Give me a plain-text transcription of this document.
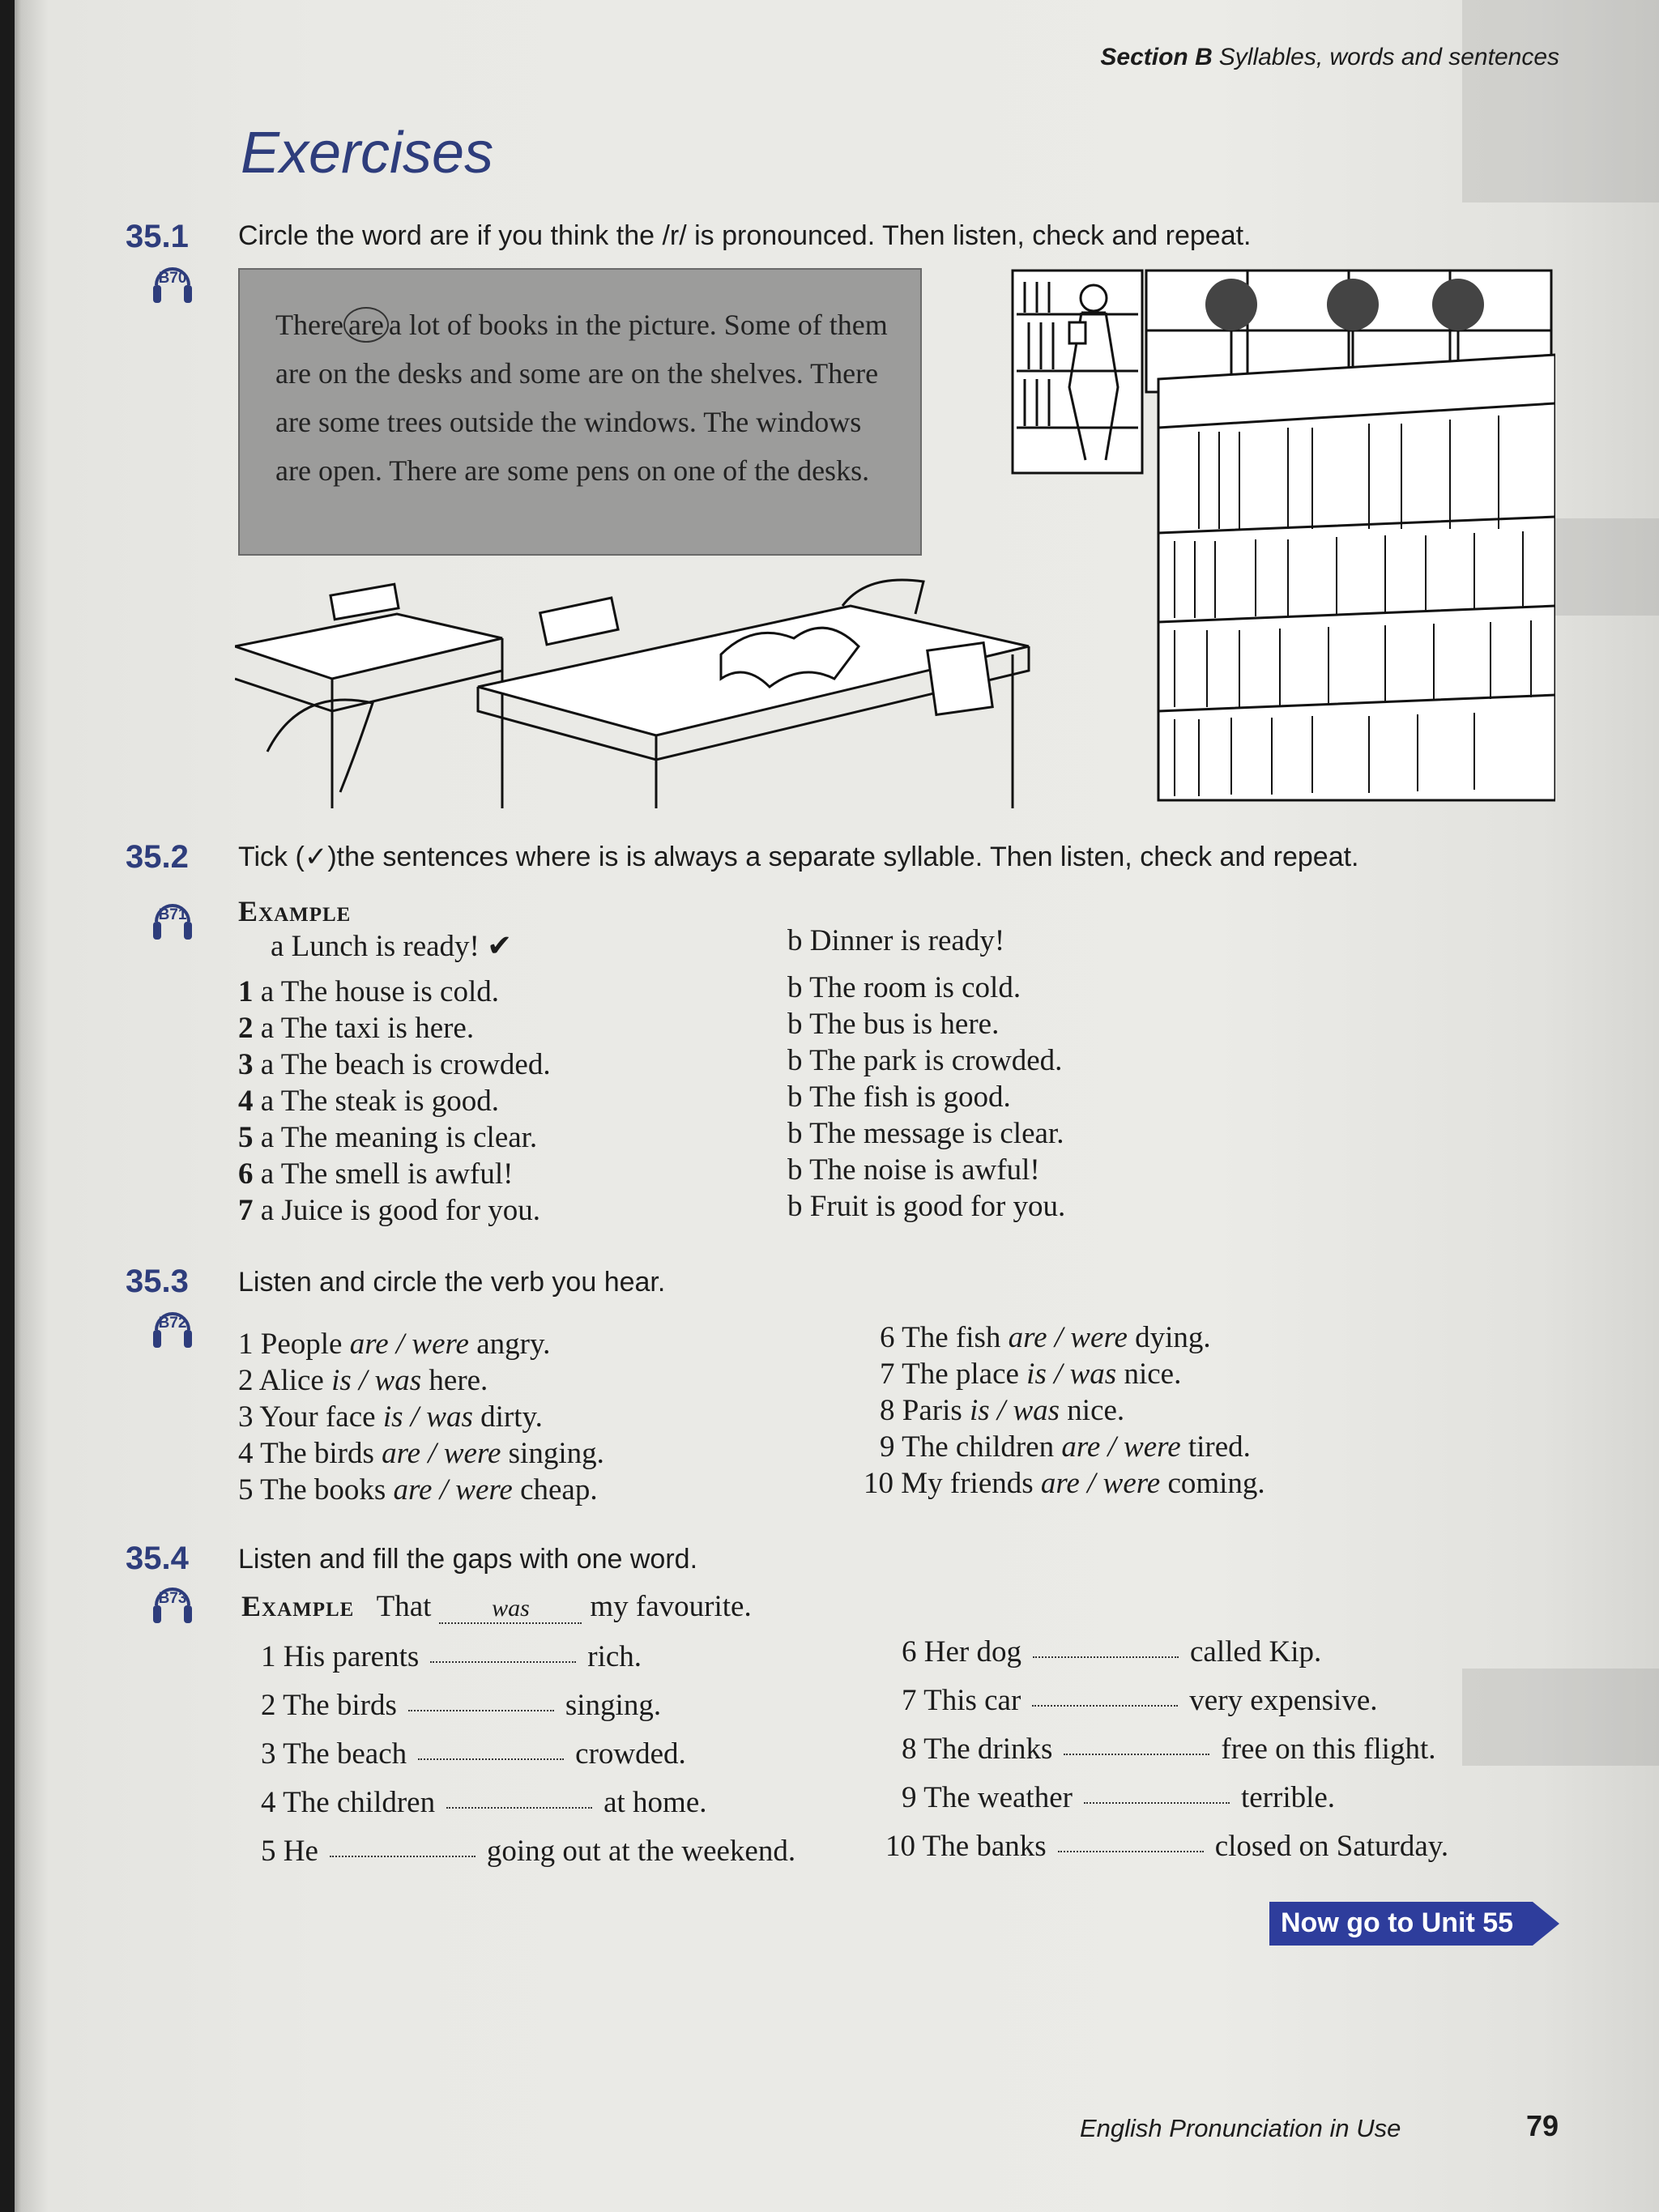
Section B Syllables, words and sentences
Exercises
35.1 Circle the word are if you think the /r/ is pronounced. Then listen, check and repeat.
B70
There are a lot of books in the picture. Some of them are on the desks and some are on the shelves. There are some trees outside the windows. The windows are open. There are some pens on one of the desks.
35.2 Tick (✓)the sentences where is is always a separate syllable. Then listen, check and repeat.
B71	Example
a Lunch is ready! ✔	b Dinner is ready!
1 a The house is cold.	b The room is cold.
2 a The taxi is here.	b The bus is here.
3 a The beach is crowded.	b The park is crowded.
4 a The steak is good.	b The fish is good.
5 a The meaning is clear.	b The message is clear.
6 a The smell is awful!	b The noise is awful!
7 a Juice is good for you.	b Fruit is good for you.
35.3 Listen and circle the verb you hear.
B72
1 People are / were angry.
2 Alice is / was here.
3 Your face is / was dirty.
4 The birds are / were singing.
5 The books are / were cheap.
6 The fish are / were dying.
7 The place is / was nice.
8 Paris is / was nice.
9 The children are / were tired.
10 My friends are / were coming.
35.4 Listen and fill the gaps with one word.
B73	Example That was my favourite.
1 His parents	rich.
2 The birds	singing.
3 The beach	crowded.
4 The children	at home.
5 He	going out at the weekend.
6 Her dog	called Kip.
7 This car	very expensive.
8 The drinks	free on this flight.
9 The weather	terrible.
10 The banks	closed on Saturday.
Now go to Unit 55
English Pronunciation in Use	79
